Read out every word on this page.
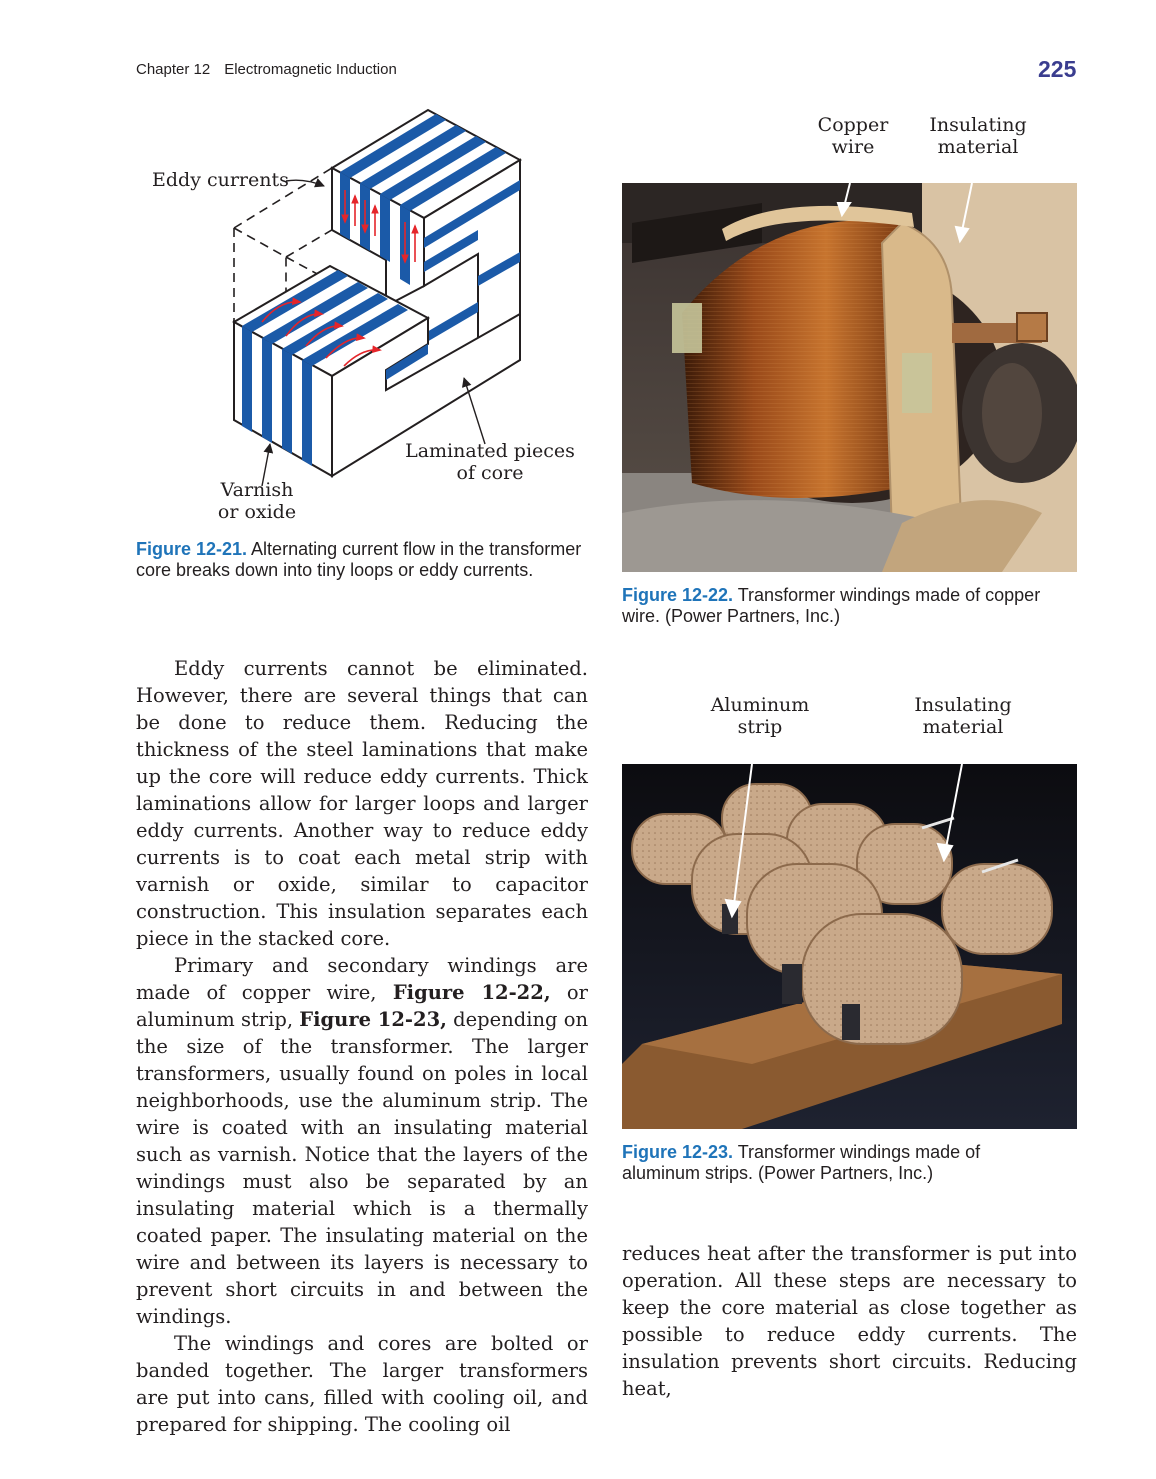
Chapter 12 Electromagnetic Induction	225
Eddy currents
Laminated pieces
of core
Varnish
or oxide
Figure 12-21. Alternating current flow in the transformer core breaks down into tiny loops or eddy currents.
Copper
wire
Insulating
material
Figure 12-22. Transformer windings made of copper wire. (Power Partners, Inc.)
Aluminum
strip
Insulating
material
Figure 12-23. Transformer windings made of aluminum strips. (Power Partners, Inc.)

Eddy currents cannot be eliminated. However, there are several things that can be done to reduce them. Reducing the thickness of the steel laminations that make up the core will reduce eddy currents. Thick laminations allow for larger loops and larger eddy currents. Another way to reduce eddy currents is to coat each metal strip with varnish or oxide, similar to capacitor construction. This insulation separates each piece in the stacked core.

Primary and secondary windings are made of copper wire, Figure 12-22, or aluminum strip, Figure 12-23, depending on the size of the transformer. The larger transformers, usually found on poles in local neighborhoods, use the aluminum strip. The wire is coated with an insulating material such as varnish. Notice that the layers of the windings must also be separated by an insulating material which is a thermally coated paper. The insulating material on the wire and between its layers is necessary to prevent short circuits in and between the windings.

The windings and cores are bolted or banded together. The larger transformers are put into cans, filled with cooling oil, and prepared for shipping. The cooling oil

reduces heat after the transformer is put into operation. All these steps are necessary to keep the core material as close together as possible to reduce eddy currents. The insulation prevents short circuits. Reducing heat,
